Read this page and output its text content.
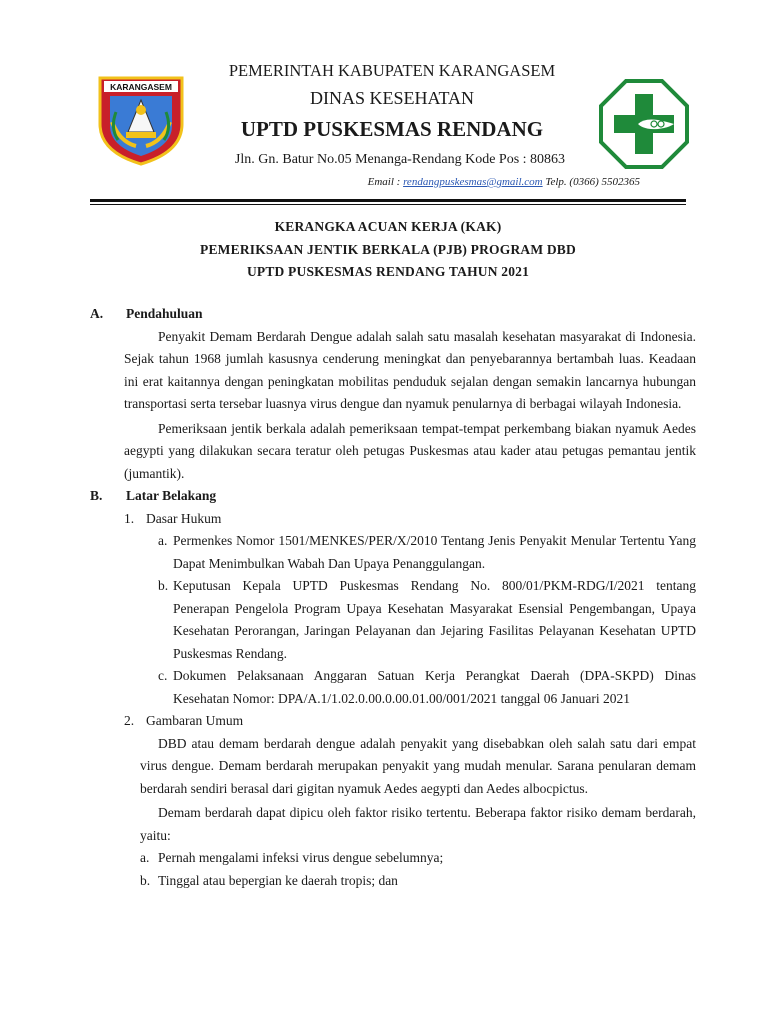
KARANGASEM
PEMERINTAH KABUPATEN KARANGASEM
DINAS KESEHATAN
UPTD PUSKESMAS RENDANG
Jln. Gn. Batur No.05 Menanga-Rendang Kode Pos : 80863
Email : rendangpuskesmas@gmail.com Telp. (0366) 5502365
KERANGKA ACUAN KERJA (KAK)
PEMERIKSAAN JENTIK BERKALA (PJB) PROGRAM DBD
UPTD PUSKESMAS RENDANG TAHUN 2021
A.	Pendahuluan
Penyakit Demam Berdarah Dengue adalah salah satu masalah kesehatan masyarakat di Indonesia. Sejak tahun 1968 jumlah kasusnya cenderung meningkat dan penyebarannya bertambah luas. Keadaan ini erat kaitannya dengan peningkatan mobilitas penduduk sejalan dengan semakin lancarnya hubungan transportasi serta tersebar luasnya virus dengue dan nyamuk penularnya di berbagai wilayah Indonesia.
Pemeriksaan jentik berkala adalah pemeriksaan tempat-tempat perkembang biakan nyamuk Aedes aegypti yang dilakukan secara teratur oleh petugas Puskesmas atau kader atau petugas pemantau jentik (jumantik).
B.	Latar Belakang
1. Dasar Hukum
a. Permenkes Nomor 1501/MENKES/PER/X/2010 Tentang Jenis Penyakit Menular Tertentu Yang Dapat Menimbulkan Wabah Dan Upaya Penanggulangan.
b. Keputusan Kepala UPTD Puskesmas Rendang No. 800/01/PKM-RDG/I/2021 tentang Penerapan Pengelola Program Upaya Kesehatan Masyarakat Esensial Pengembangan, Upaya Kesehatan Perorangan, Jaringan Pelayanan dan Jejaring Fasilitas Pelayanan Kesehatan UPTD Puskesmas Rendang.
c. Dokumen Pelaksanaan Anggaran Satuan Kerja Perangkat Daerah (DPA-SKPD) Dinas Kesehatan Nomor: DPA/A.1/1.02.0.00.0.00.01.00/001/2021 tanggal 06 Januari 2021
2. Gambaran Umum
DBD atau demam berdarah dengue adalah penyakit yang disebabkan oleh salah satu dari empat virus dengue. Demam berdarah merupakan penyakit yang mudah menular. Sarana penularan demam berdarah sendiri berasal dari gigitan nyamuk Aedes aegypti dan Aedes albocpictus.
Demam berdarah dapat dipicu oleh faktor risiko tertentu. Beberapa faktor risiko demam berdarah, yaitu:
a. Pernah mengalami infeksi virus dengue sebelumnya;
b. Tinggal atau bepergian ke daerah tropis; dan
